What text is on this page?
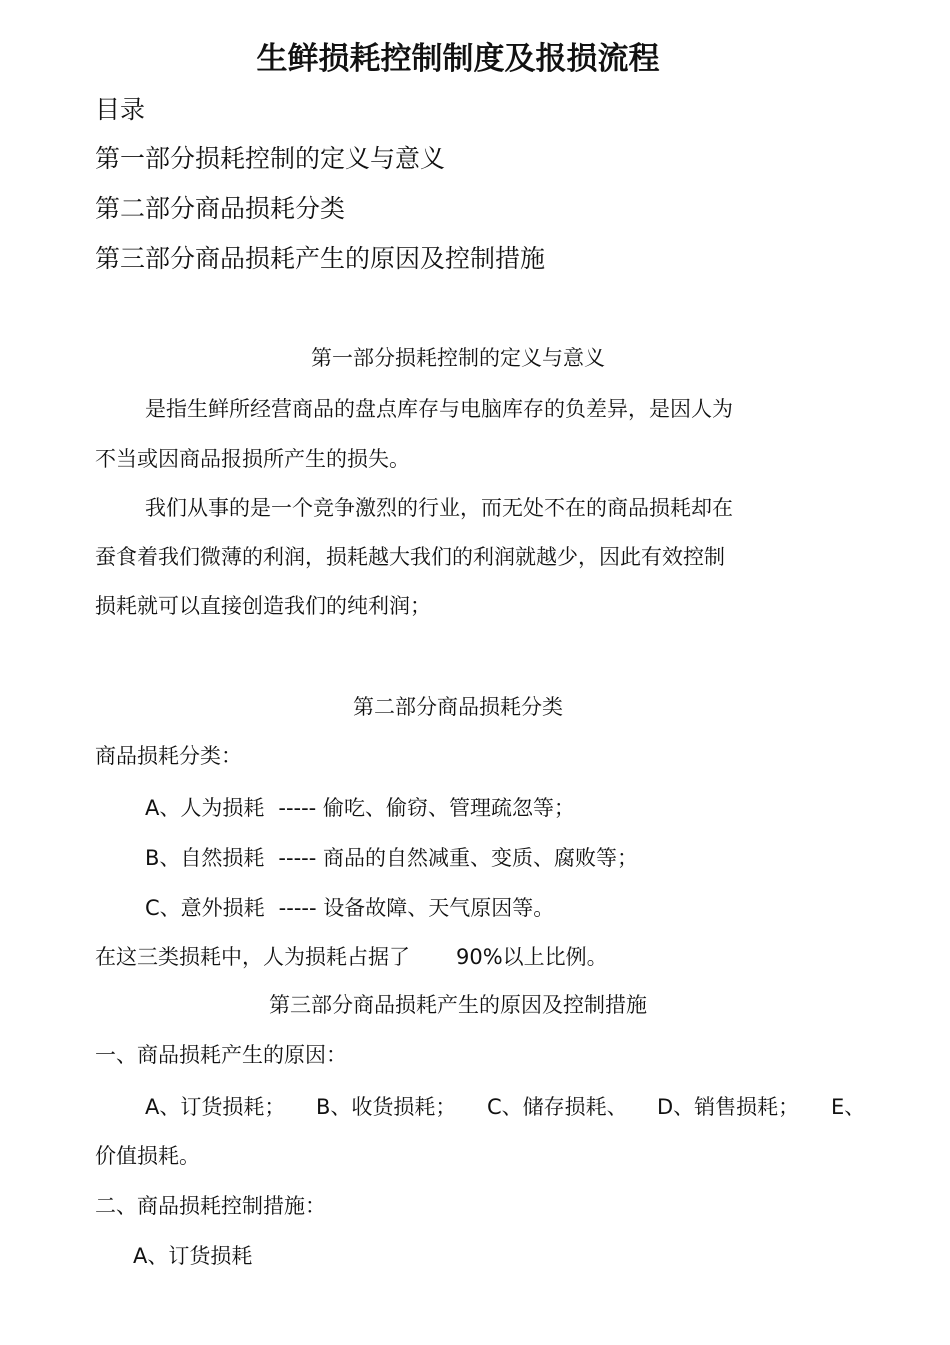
生鲜损耗控制制度及报损流程
目录
第一部分损耗控制的定义与意义
第二部分商品损耗分类
第三部分商品损耗产生的原因及控制措施
第一部分损耗控制的定义与意义
是指生鲜所经营商品的盘点库存与电脑库存的负差异，是因人为
不当或因商品报损所产生的损失。
我们从事的是一个竞争激烈的行业，而无处不在的商品损耗却在
蚕食着我们微薄的利润，损耗越大我们的利润就越少，因此有效控制
损耗就可以直接创造我们的纯利润；
第二部分商品损耗分类
商品损耗分类：
A、人为损耗 ----- 偷吃、偷窃、管理疏忽等；
B、自然损耗 ----- 商品的自然减重、变质、腐败等；
C、意外损耗 ----- 设备故障、天气原因等。
在这三类损耗中，人为损耗占据了 90%以上比例。
第三部分商品损耗产生的原因及控制措施
一、商品损耗产生的原因：
A、订货损耗； B、收货损耗； C、储存损耗、 D、销售损耗； E、
价值损耗。
二、商品损耗控制措施：
A、订货损耗
